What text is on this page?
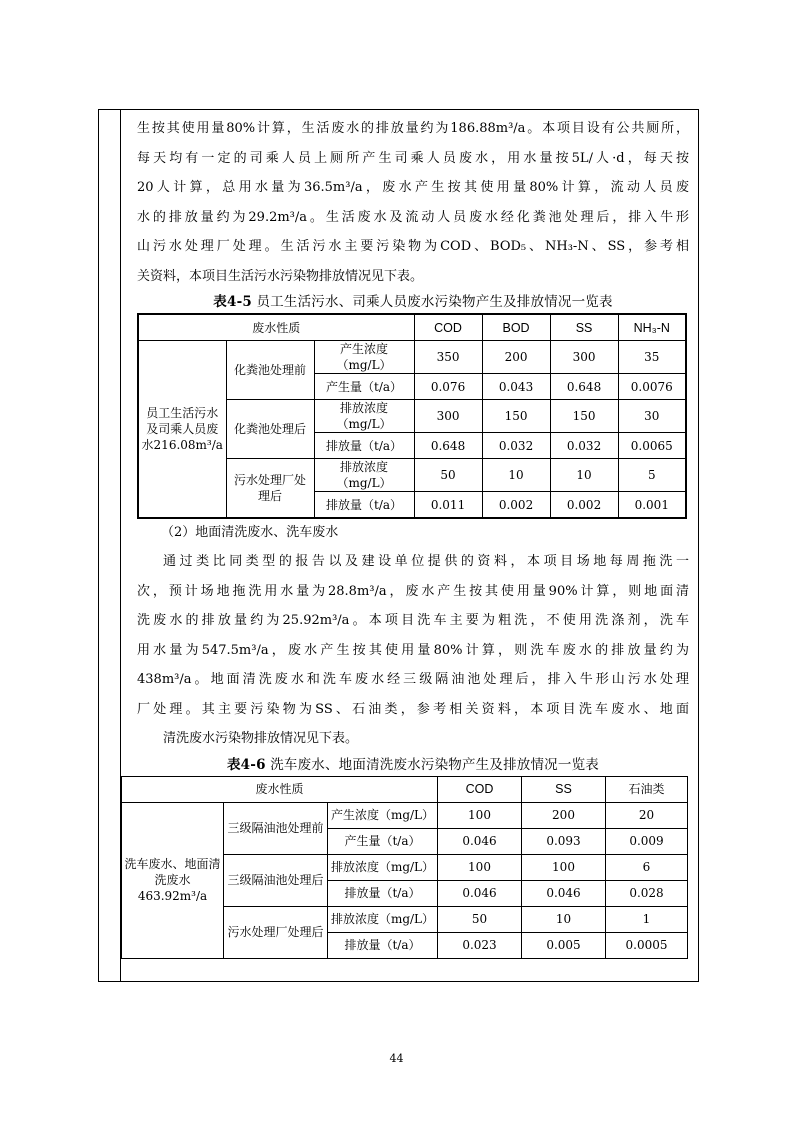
生按其使用量80%计算，生活废水的排放量约为186.88m³/a。本项目设有公共厕所，
每天均有一定的司乘人员上厕所产生司乘人员废水，用水量按5L/人·d，每天按
20人计算，总用水量为36.5m³/a，废水产生按其使用量80%计算，流动人员废
水的排放量约为29.2m³/a。生活废水及流动人员废水经化粪池处理后，排入牛形
山污水处理厂处理。生活污水主要污染物为COD、BOD₅、NH₃-N、SS，参考相
关资料，本项目生活污水污染物排放情况见下表。

表4-5 员工生活污水、司乘人员废水污染物产生及排放情况一览表

废水性质			COD	BOD	SS	NH₃-N
员工生活污水及司乘人员废水216.08m³/a	化粪池处理前	产生浓度（mg/L）	350	200	300	35
		产生量（t/a）	0.076	0.043	0.648	0.0076
	化粪池处理后	排放浓度（mg/L）	300	150	150	30
		排放量（t/a）	0.648	0.032	0.032	0.0065
	污水处理厂处理后	排放浓度（mg/L）	50	10	10	5
		排放量（t/a）	0.011	0.002	0.002	0.001

（2）地面清洗废水、洗车废水

通过类比同类型的报告以及建设单位提供的资料，本项目场地每周拖洗一
次，预计场地拖洗用水量为28.8m³/a，废水产生按其使用量90%计算，则地面清
洗废水的排放量约为25.92m³/a。本项目洗车主要为粗洗，不使用洗涤剂，洗车
用水量为547.5m³/a，废水产生按其使用量80%计算，则洗车废水的排放量约为
438m³/a。地面清洗废水和洗车废水经三级隔油池处理后，排入牛形山污水处理
厂处理。其主要污染物为SS、石油类，参考相关资料，本项目洗车废水、地面
清洗废水污染物排放情况见下表。

表4-6 洗车废水、地面清洗废水污染物产生及排放情况一览表

废水性质			COD	SS	石油类
洗车废水、地面清洗废水463.92m³/a	三级隔油池处理前	产生浓度（mg/L）	100	200	20
		产生量（t/a）	0.046	0.093	0.009
	三级隔油池处理后	排放浓度（mg/L）	100	100	6
		排放量（t/a）	0.046	0.046	0.028
	污水处理厂处理后	排放浓度（mg/L）	50	10	1
		排放量（t/a）	0.023	0.005	0.0005
44
